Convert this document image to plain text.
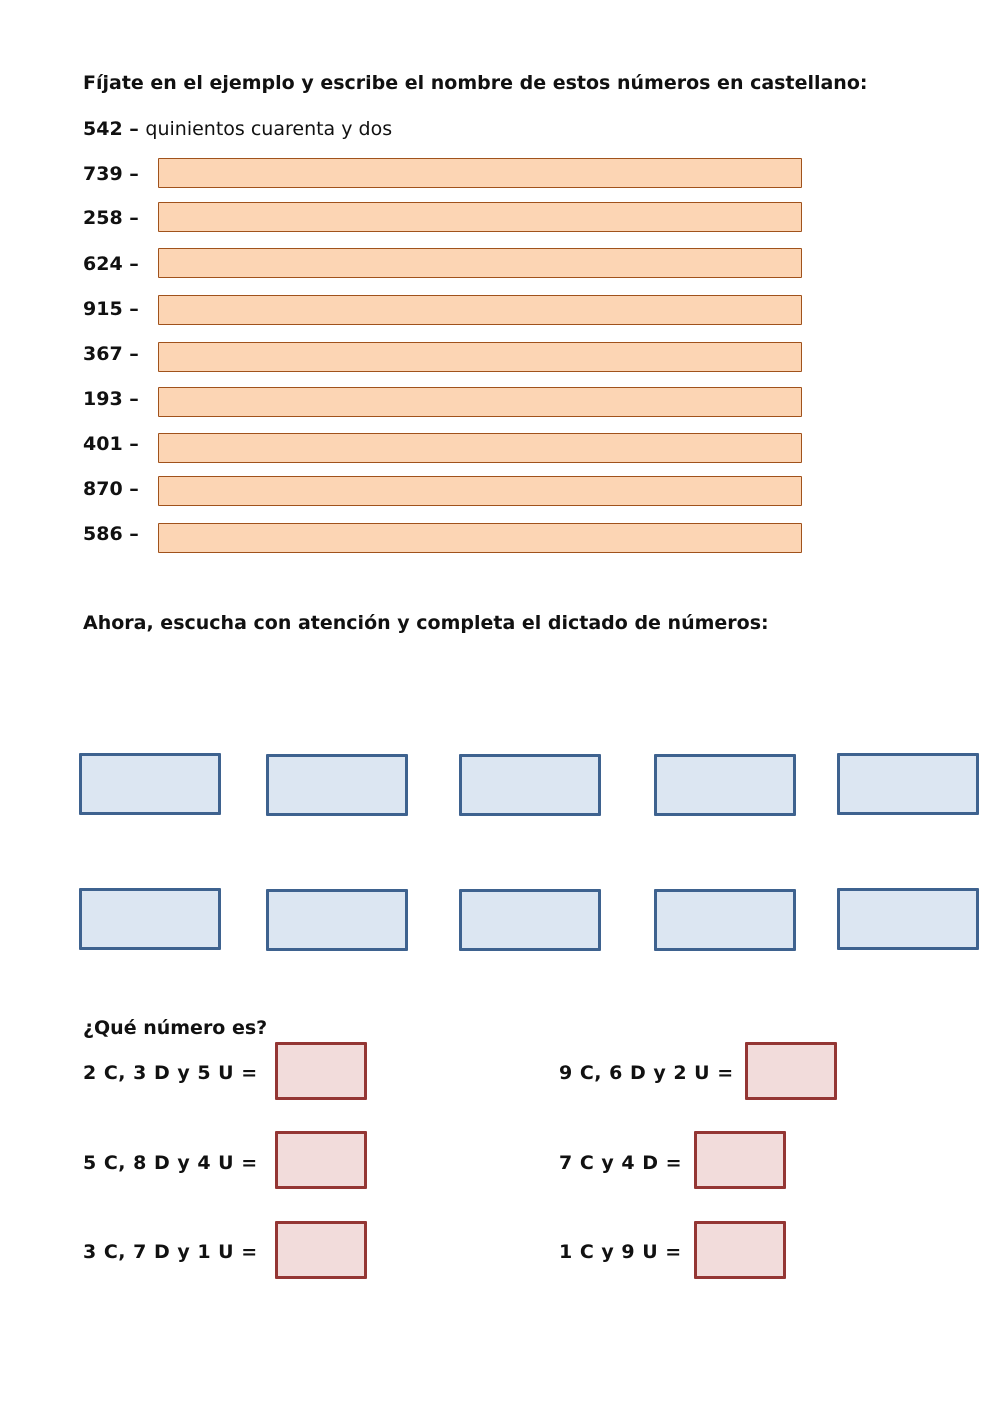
Fíjate en el ejemplo y escribe el nombre de estos números en castellano:
542 – quinientos cuarenta y dos
739 –
258 –
624 –
915 –
367 –
193 –
401 –
870 –
586 –
Ahora, escucha con atención y completa el dictado de números:
¿Qué número es?
2 C, 3 D y 5 U =	9 C, 6 D y 2 U =
5 C, 8 D y 4 U =	7 C y 4 D =
3 C, 7 D y 1 U =	1 C y 9 U =
